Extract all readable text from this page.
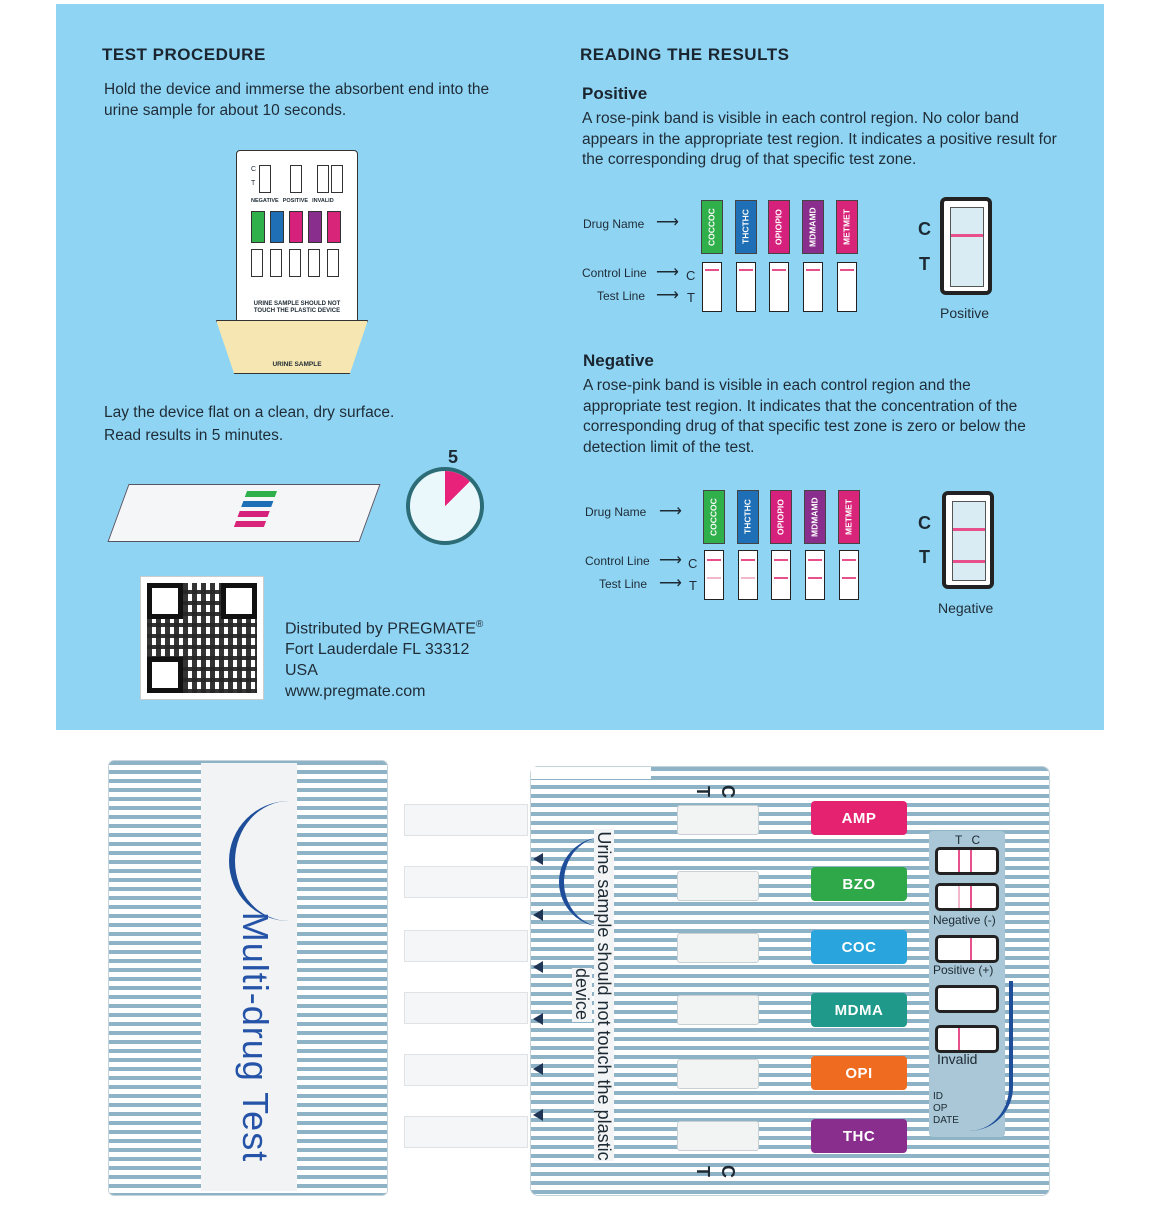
TEST PROCEDURE
Hold the device and immerse the absorbent end into the urine sample for about 10 seconds.
C
T
NEGATIVE POSITIVE INVALID
URINE SAMPLE SHOULD NOT TOUCH THE PLASTIC DEVICE
URINE SAMPLE
Lay the device flat on a clean, dry surface.
Read results in 5 minutes.
5
Distributed by PREGMATE®
Fort Lauderdale FL 33312
USA
www.pregmate.com
READING THE RESULTS
Positive
A rose-pink band is visible in each control region. No color band appears in the appropriate test region. It indicates a positive result for the corresponding drug of that specific test zone.
Drug Name ⟶
Control Line
Test Line
⟶
⟶
C
T
COCCOC	THCTHC	OPIOPIO	MDMAMD	METMET	C
T
Positive
Negative
A rose-pink band is visible in each control region and the appropriate test region. It indicates that the concentration of the corresponding drug of that specific test zone is zero or below the detection limit of the test.
Drug Name ⟶
Control Line
Test Line
⟶
⟶
C
T
COCCOC	THCTHC	OPIOPIO	MDMAMD	METMET	C
T
Negative
Multi-drug Test	Urine sample should not touch the plastic device
C
T
C
T
AMP
BZO
COC
MDMA
OPI
THC
T C
Negative (-)
Positive (+)
Invalid
ID
OP
DATE
